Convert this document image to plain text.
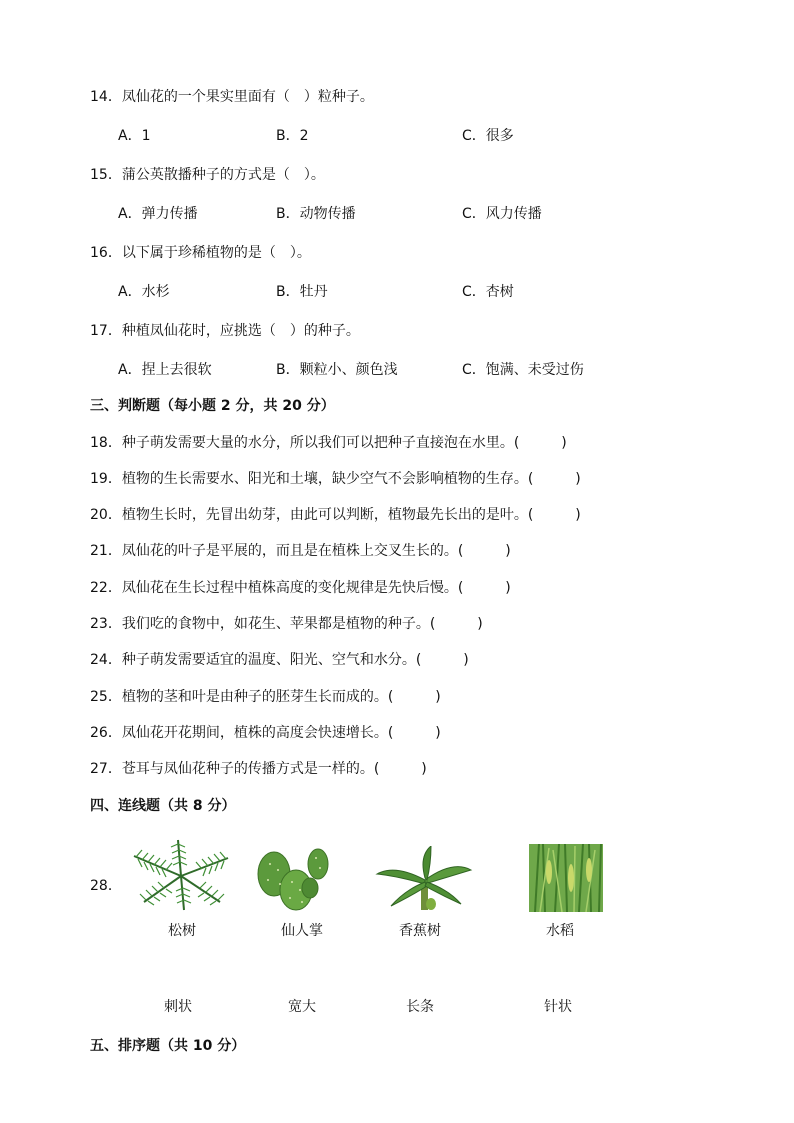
14．凤仙花的一个果实里面有（　）粒种子。
A．1	B．2	C．很多
15．蒲公英散播种子的方式是（　）。
A．弹力传播	B．动物传播	C．风力传播
16．以下属于珍稀植物的是（　）。
A．水杉	B．牡丹	C．杏树
17．种植凤仙花时，应挑选（　）的种子。
A．捏上去很软	B．颗粒小、颜色浅	C．饱满、未受过伤
三、判断题（每小题 2 分，共 20 分）
18．种子萌发需要大量的水分，所以我们可以把种子直接泡在水里。(　　　)
19．植物的生长需要水、阳光和土壤，缺少空气不会影响植物的生存。(　　　)
20．植物生长时，先冒出幼芽，由此可以判断，植物最先长出的是叶。(　　　)
21．凤仙花的叶子是平展的，而且是在植株上交叉生长的。(　　　)
22．凤仙花在生长过程中植株高度的变化规律是先快后慢。(　　　)
23．我们吃的食物中，如花生、苹果都是植物的种子。(　　　)
24．种子萌发需要适宜的温度、阳光、空气和水分。(　　　)
25．植物的茎和叶是由种子的胚芽生长而成的。(　　　)
26．凤仙花开花期间，植株的高度会快速增长。(　　　)
27．苍耳与凤仙花种子的传播方式是一样的。(　　　)
四、连线题（共 8 分）
28．
松树	仙人掌	香蕉树	水稻
刺状	宽大	长条	针状
五、排序题（共 10 分）
